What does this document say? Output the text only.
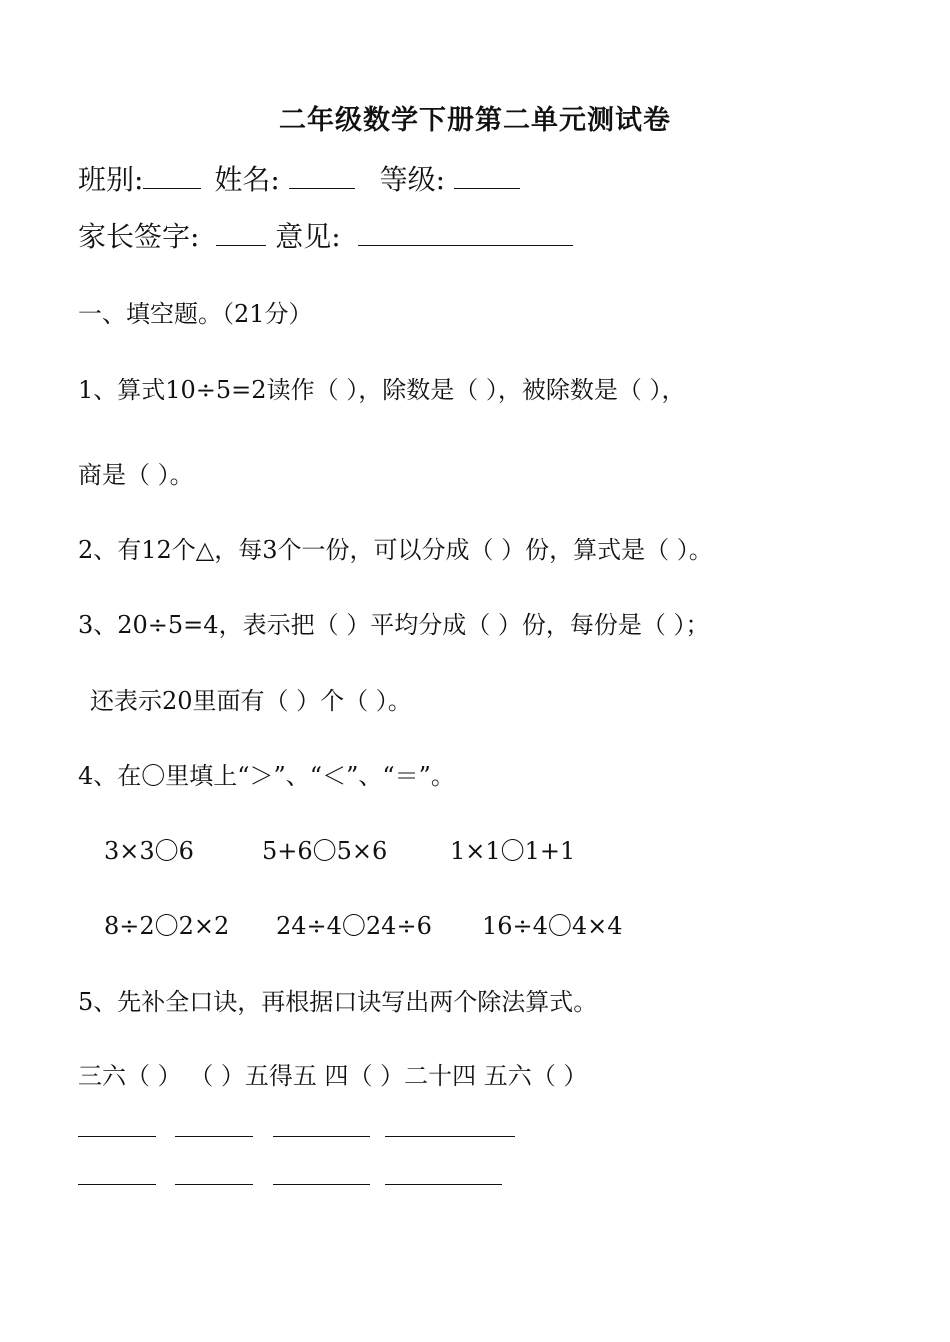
二年级数学下册第二单元测试卷
班别:	姓名:	等级:
家长签字:	意见:
一、填空题。（21分）
1、算式10÷5=2读作（ ），除数是（ ），被除数是（ ），
商是（ ）。
2、有12个△，每3个一份，可以分成（ ）份，算式是（ ）。
3、20÷5=4，表示把（ ）平均分成（ ）份，每份是（ ）；
还表示20里面有（ ）个（ ）。
4、在〇里填上“＞”、“＜”、“＝”。
3×3〇6	5+6〇5×6	1×1〇1+1
8÷2〇2×2 24÷4〇24÷6 16÷4〇4×4
5、先补全口诀，再根据口诀写出两个除法算式。
三六（ ） （ ）五得五 四（ ）二十四 五六（ ）
